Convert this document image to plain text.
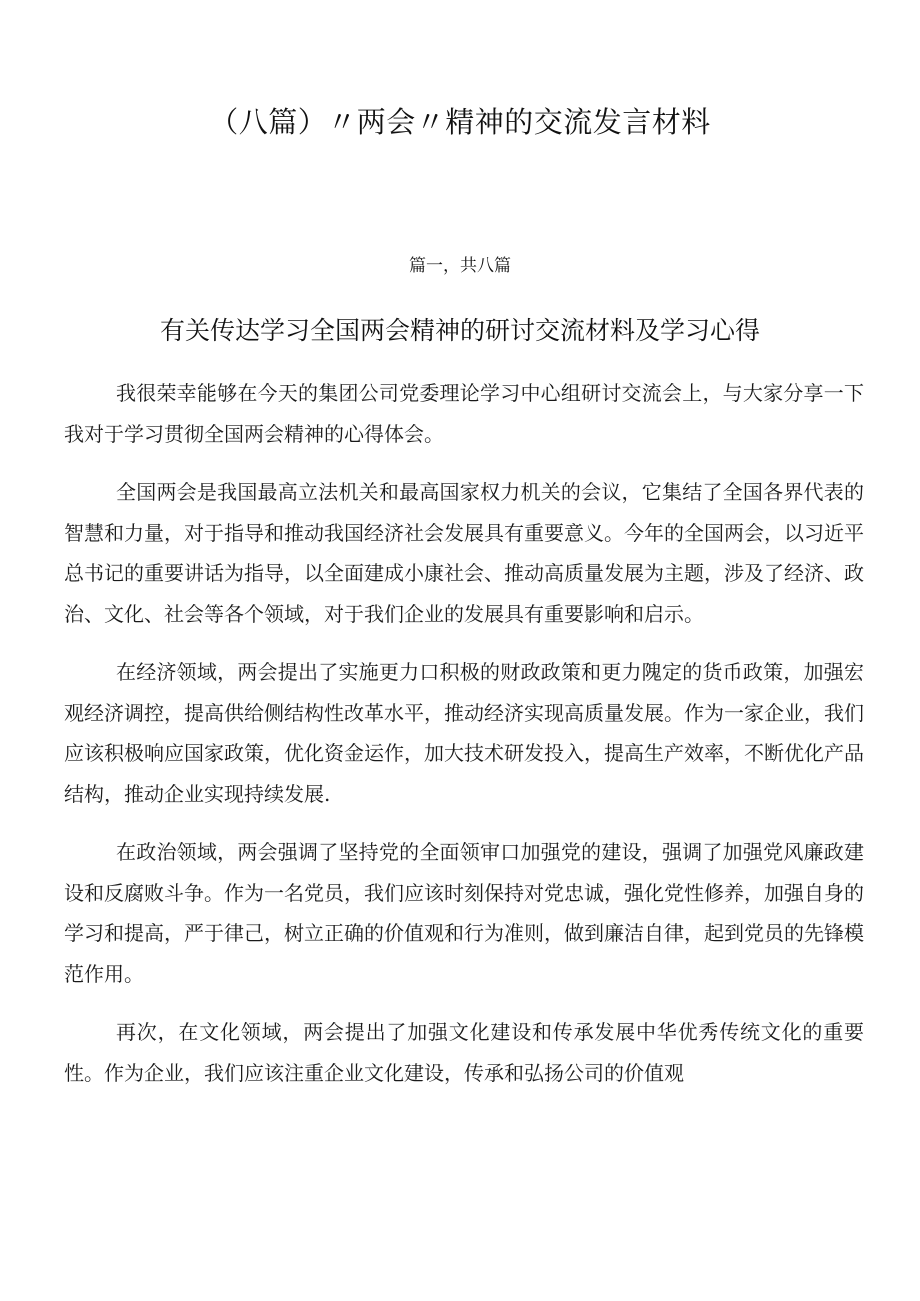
（八篇）〃两会〃精神的交流发言材料
篇一，共八篇
有关传达学习全国两会精神的研讨交流材料及学习心得

我很荣幸能够在今天的集团公司党委理论学习中心组研讨交流会上，与大家分享一下我对于学习贯彻全国两会精神的心得体会。

全国两会是我国最高立法机关和最高国家权力机关的会议，它集结了全国各界代表的智慧和力量，对于指导和推动我国经济社会发展具有重要意义。今年的全国两会，以习近平总书记的重要讲话为指导，以全面建成小康社会、推动高质量发展为主题，涉及了经济、政治、文化、社会等各个领域，对于我们企业的发展具有重要影响和启示。

在经济领域，两会提出了实施更力口积极的财政政策和更力隗定的货币政策，加强宏观经济调控，提高供给侧结构性改革水平，推动经济实现高质量发展。作为一家企业，我们应该积极响应国家政策，优化资金运作，加大技术研发投入，提高生产效率，不断优化产品结构，推动企业实现持续发展.

在政治领域，两会强调了坚持党的全面领审口加强党的建设，强调了加强党风廉政建设和反腐败斗争。作为一名党员，我们应该时刻保持对党忠诚，强化党性修养，加强自身的学习和提高，严于律己，树立正确的价值观和行为准则，做到廉洁自律，起到党员的先锋模范作用。

再次，在文化领域，两会提出了加强文化建设和传承发展中华优秀传统文化的重要性。作为企业，我们应该注重企业文化建设，传承和弘扬公司的价值观
